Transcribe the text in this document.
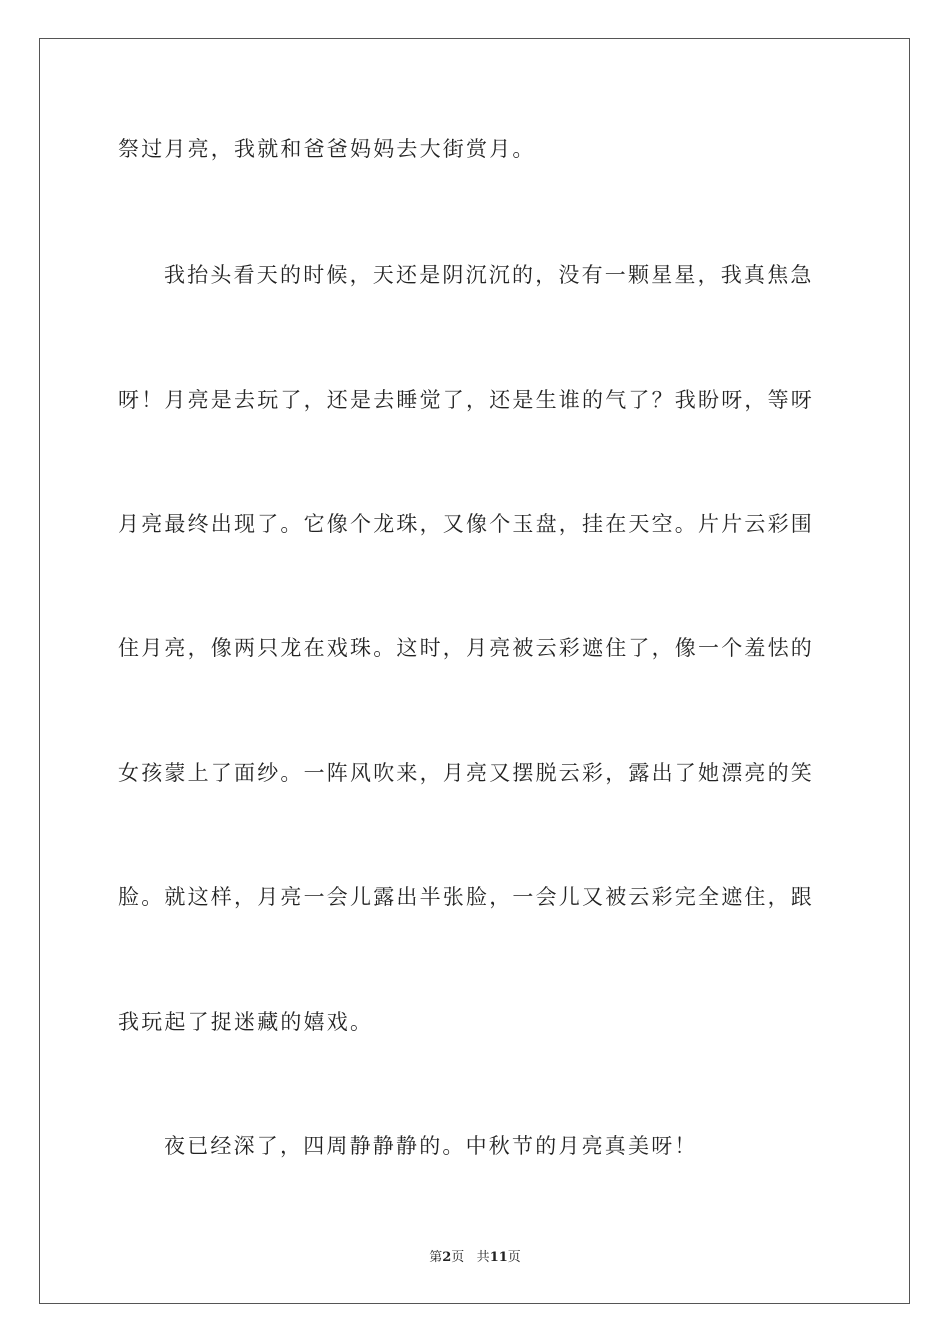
祭过月亮，我就和爸爸妈妈去大街赏月。
我抬头看天的时候，天还是阴沉沉的，没有一颗星星，我真焦急
呀！月亮是去玩了，还是去睡觉了，还是生谁的气了？我盼呀，等呀
月亮最终出现了。它像个龙珠，又像个玉盘，挂在天空。片片云彩围
住月亮，像两只龙在戏珠。这时，月亮被云彩遮住了，像一个羞怯的
女孩蒙上了面纱。一阵风吹来，月亮又摆脱云彩，露出了她漂亮的笑
脸。就这样，月亮一会儿露出半张脸，一会儿又被云彩完全遮住，跟
我玩起了捉迷藏的嬉戏。
夜已经深了，四周静静静的。中秋节的月亮真美呀！
第2页 共11页
